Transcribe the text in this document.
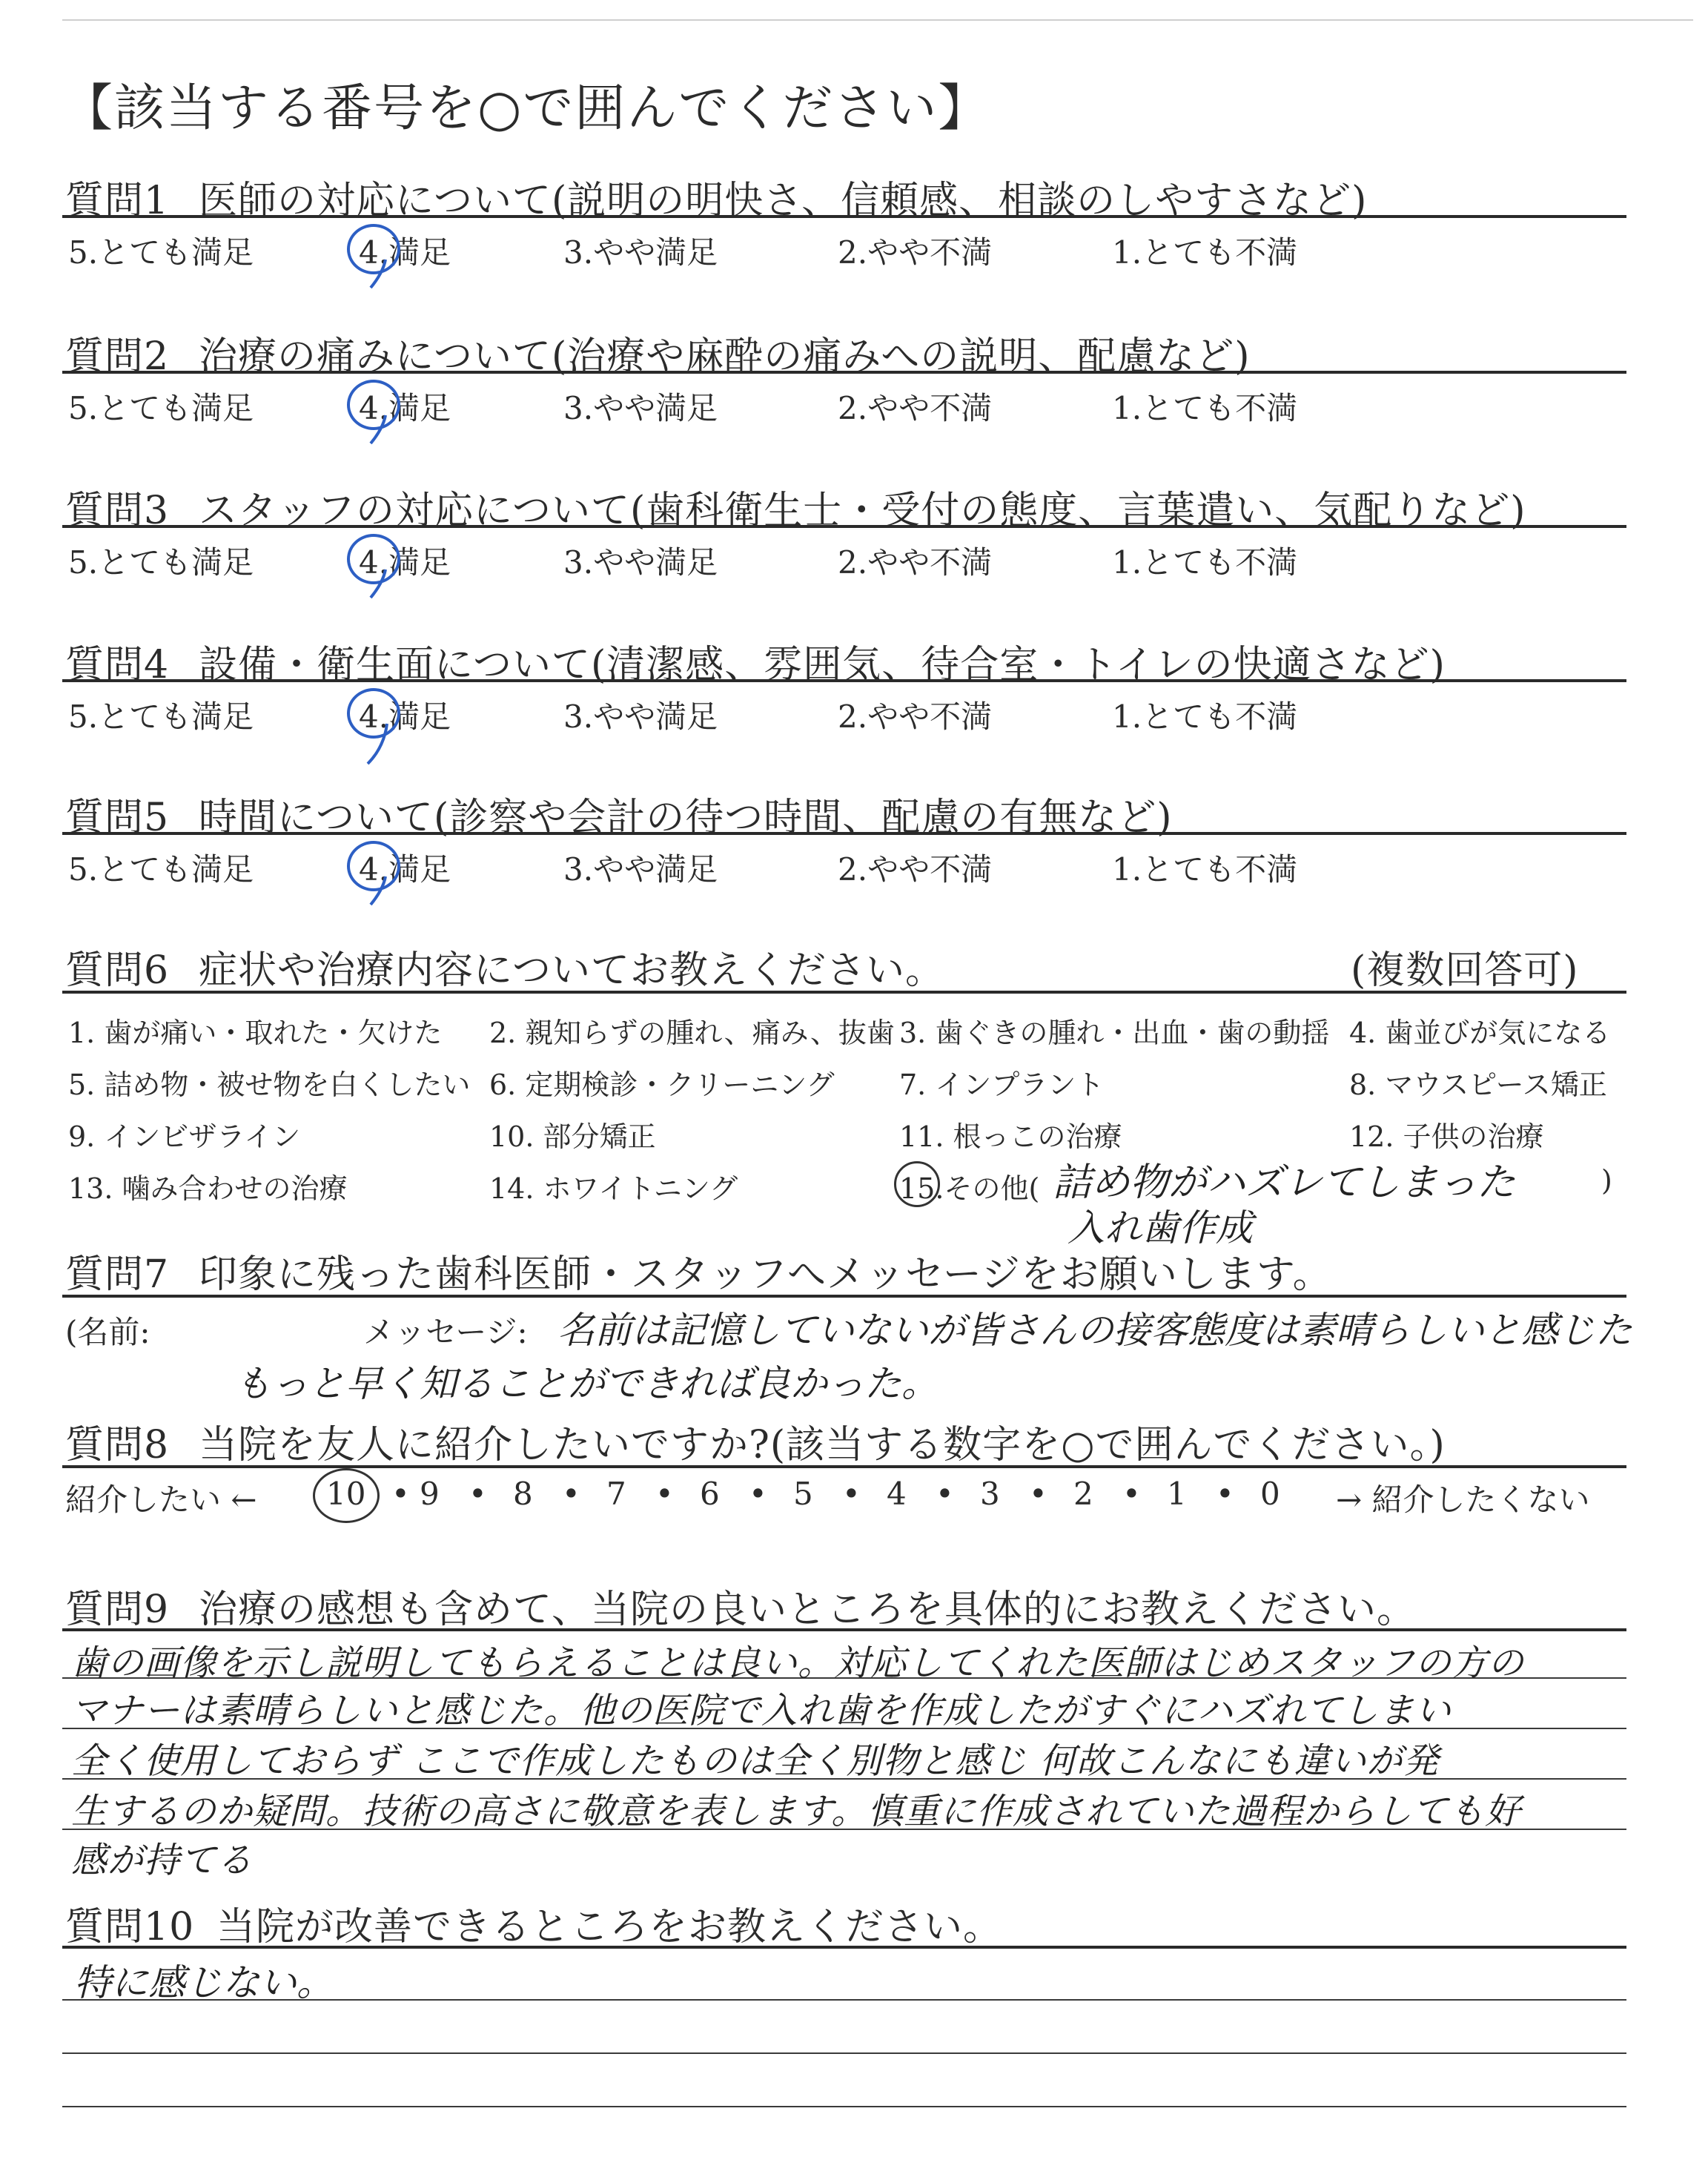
【該当する番号を○で囲んでください】
質問1 医師の対応について(説明の明快さ、信頼感、相談のしやすさなど)
5.とても満足	4.満足	3.やや満足	2.やや不満	1.とても不満
質問2 治療の痛みについて(治療や麻酔の痛みへの説明、配慮など)
5.とても満足	4.満足	3.やや満足	2.やや不満	1.とても不満
質問3 スタッフの対応について(歯科衛生士・受付の態度、言葉遣い、気配りなど)
5.とても満足	4.満足	3.やや満足	2.やや不満	1.とても不満
質問4 設備・衛生面について(清潔感、雰囲気、待合室・トイレの快適さなど)
5.とても満足	4.満足	3.やや満足	2.やや不満	1.とても不満
質問5 時間について(診察や会計の待つ時間、配慮の有無など)
5.とても満足	4.満足	3.やや満足	2.やや不満	1.とても不満
質問6 症状や治療内容についてお教えください。	(複数回答可)
1. 歯が痛い・取れた・欠けた 2. 親知らずの腫れ、痛み、抜歯 3. 歯ぐきの腫れ・出血・歯の動揺 4. 歯並びが気になる
5. 詰め物・被せ物を白くしたい 6. 定期検診・クリーニング 7. インプラント	8. マウスピース矯正
9. インビザライン	10. 部分矯正	11. 根っこの治療	12. 子供の治療
13. 噛み合わせの治療	14. ホワイトニング	15.その他( 詰め物がハズレてしまった	)
入れ歯作成
質問7 印象に残った歯科医師・スタッフへメッセージをお願いします。
(名前:	メッセージ: 名前は記憶していないが皆さんの接客態度は素晴らしいと感じた
もっと早く知ることができれば良かった。
質問8 当院を友人に紹介したいですか?(該当する数字を○で囲んでください。)
紹介したい ← 10 • 9 • 8 • 7 • 6 • 5 • 4 • 3 • 2 • 1 • 0 → 紹介したくない
質問9 治療の感想も含めて、当院の良いところを具体的にお教えください。
歯の画像を示し説明してもらえることは良い。対応してくれた医師はじめスタッフの方の
マナーは素晴らしいと感じた。他の医院で入れ歯を作成したがすぐにハズれてしまい
全く使用しておらず ここで作成したものは全く別物と感じ 何故こんなにも違いが発
生するのか疑問。技術の高さに敬意を表します。慎重に作成されていた過程からしても好
感が持てる
質問10 当院が改善できるところをお教えください。
特に感じない。
